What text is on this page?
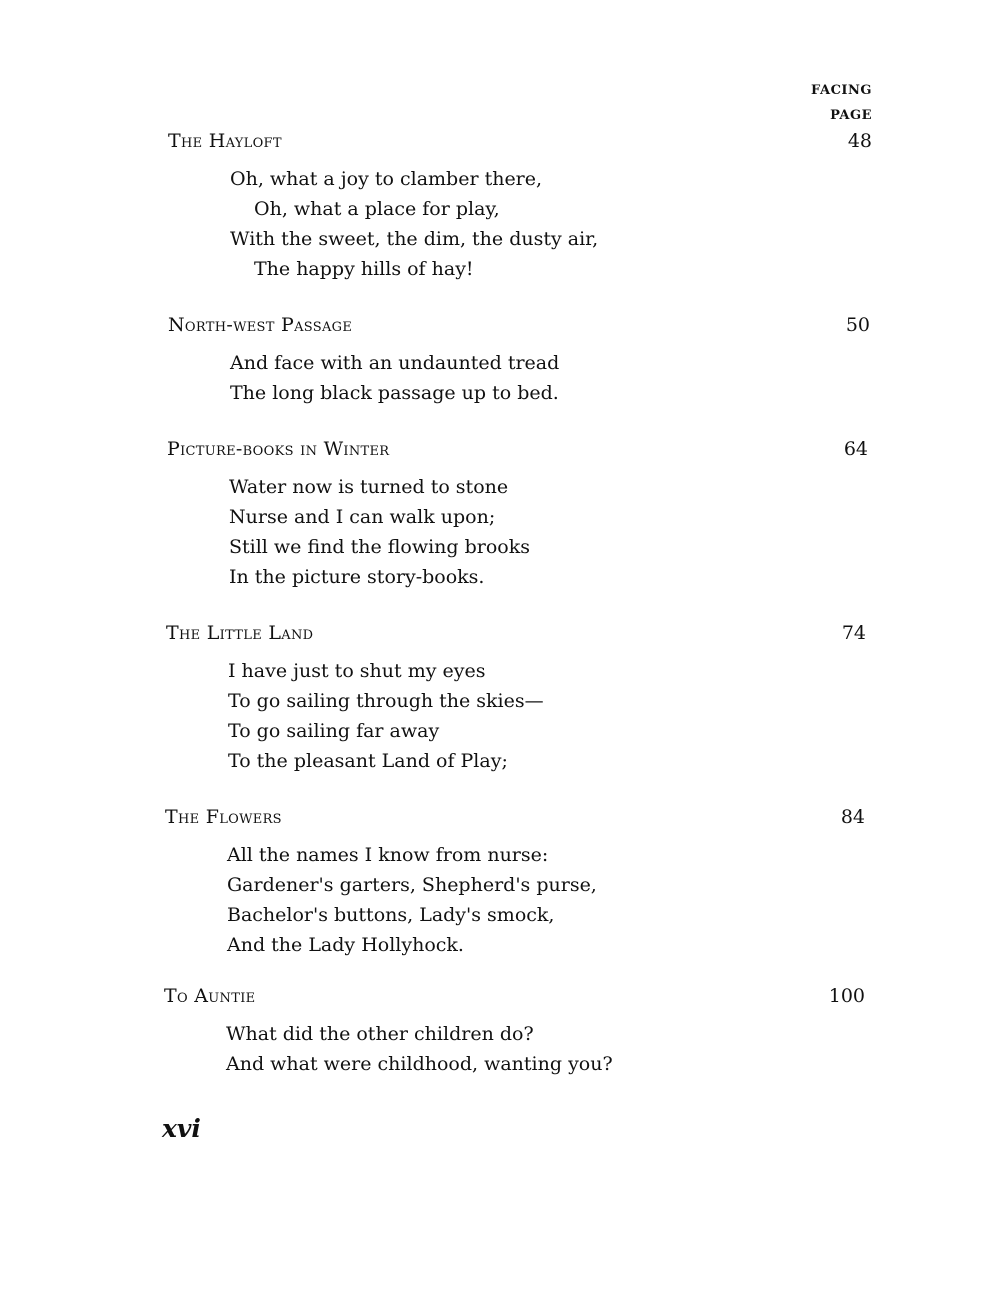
FACING
PAGE
The Hayloft	48
Oh, what a joy to clamber there,
Oh, what a place for play,
With the sweet, the dim, the dusty air,
The happy hills of hay!
North-west Passage	50
And face with an undaunted tread
The long black passage up to bed.
Picture-books in Winter	64
Water now is turned to stone
Nurse and I can walk upon;
Still we find the flowing brooks
In the picture story-books.
The Little Land	74
I have just to shut my eyes
To go sailing through the skies—
To go sailing far away
To the pleasant Land of Play;
The Flowers	84
All the names I know from nurse:
Gardener's garters, Shepherd's purse,
Bachelor's buttons, Lady's smock,
And the Lady Hollyhock.
To Auntie	100
What did the other children do?
And what were childhood, wanting you?
xvi
